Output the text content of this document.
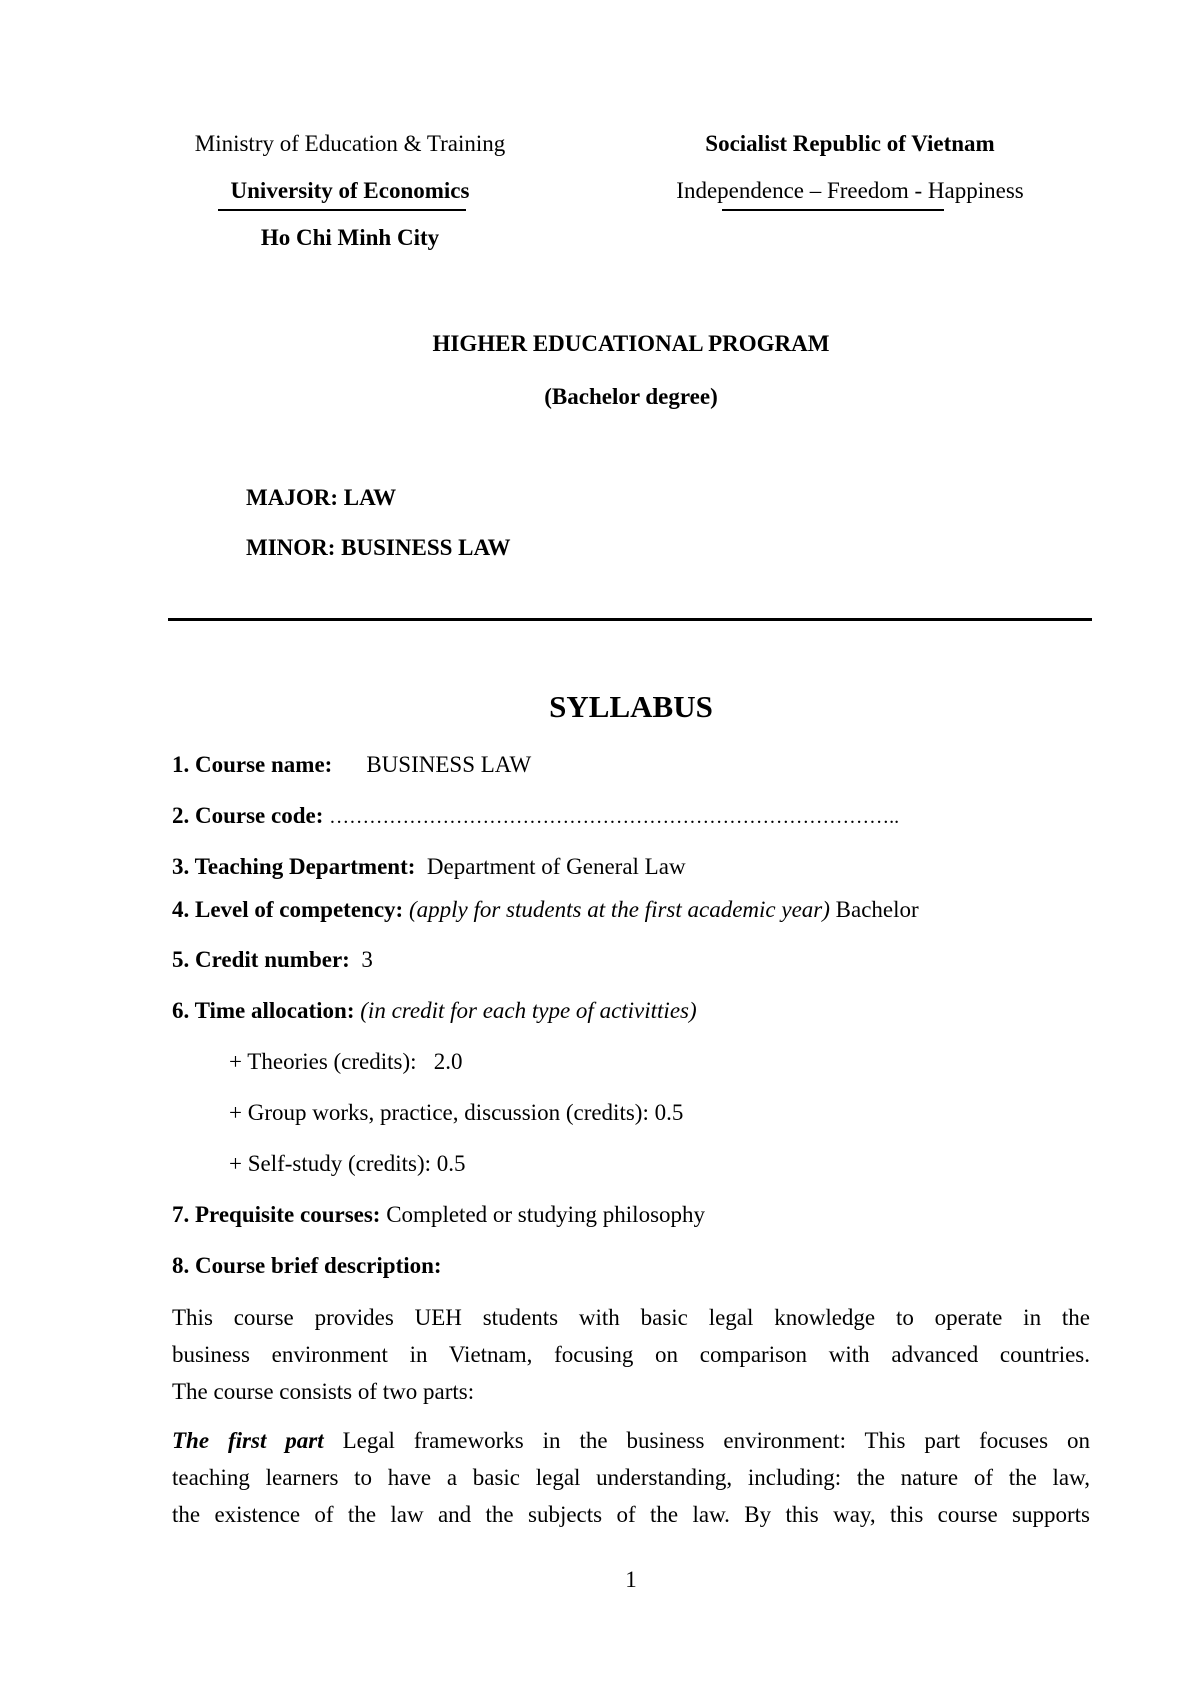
Ministry of Education & Training
University of Economics
Ho Chi Minh City
Socialist Republic of Vietnam
Independence – Freedom - Happiness
HIGHER EDUCATIONAL PROGRAM
(Bachelor degree)
MAJOR: LAW
MINOR: BUSINESS LAW
SYLLABUS
1. Course name: BUSINESS LAW
2. Course code: …………………………………………………………………………..
3. Teaching Department: Department of General Law
4. Level of competency: (apply for students at the first academic year) Bachelor
5. Credit number: 3
6. Time allocation: (in credit for each type of activitties)
+ Theories (credits):   2.0
+ Group works, practice, discussion (credits): 0.5
+ Self-study (credits): 0.5
7. Prequisite courses: Completed or studying philosophy
8. Course brief description:
This course provides UEH students with basic legal knowledge to operate in the
business environment in Vietnam, focusing on comparison with advanced countries.
The course consists of two parts:
The first part Legal frameworks in the business environment: This part focuses on
teaching learners to have a basic legal understanding, including: the nature of the law,
the existence of the law and the subjects of the law. By this way, this course supports
1
